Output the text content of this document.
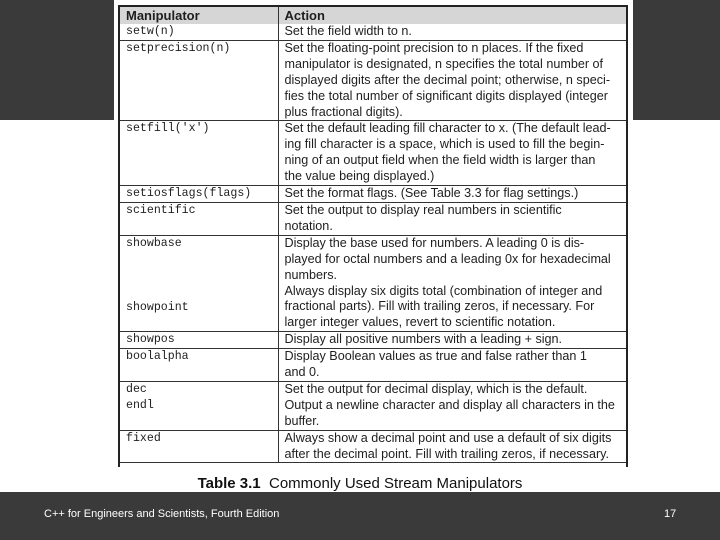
Manipulator	Action
setw(n)	Set the field width to n.

setprecision(n)	Set the floating-point precision to n places. If the fixed
manipulator is designated, n specifies the total number of
displayed digits after the decimal point; otherwise, n speci-
fies the total number of significant digits displayed (integer
plus fractional digits).

setfill('x')	Set the default leading fill character to x. (The default lead-
ing fill character is a space, which is used to fill the begin-
ning of an output field when the field width is larger than
the value being displayed.)

setiosflags(flags)	Set the format flags. (See Table 3.3 for flag settings.)

scientific	Set the output to display real numbers in scientific
notation.

showbase	Display the base used for numbers. A leading 0 is dis-
played for octal numbers and a leading 0x for hexadecimal
numbers.

showpoint	Always display six digits total (combination of integer and
fractional parts). Fill with trailing zeros, if necessary. For
larger integer values, revert to scientific notation.

showpos	Display all positive numbers with a leading + sign.

boolalpha	Display Boolean values as true and false rather than 1
and 0.

dec	Set the output for decimal display, which is the default.

endl	Output a newline character and display all characters in the
buffer.

fixed	Always show a decimal point and use a default of six digits
after the decimal point. Fill with trailing zeros, if necessary.
Table 3.1 Commonly Used Stream Manipulators
C++ for Engineers and Scientists, Fourth Edition	17
